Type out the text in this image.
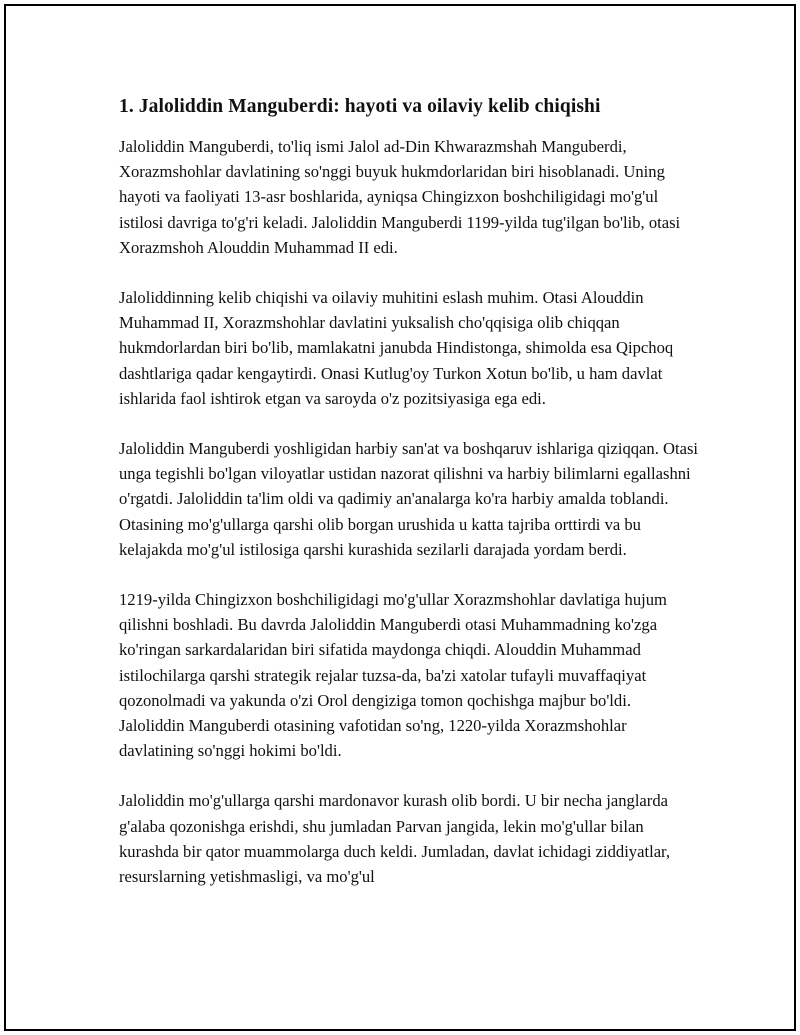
1. Jaloliddin Manguberdi: hayoti va oilaviy kelib chiqishi

Jaloliddin Manguberdi, to'liq ismi Jalol ad-Din Khwarazmshah Manguberdi, Xorazmshohlar davlatining so'nggi buyuk hukmdorlaridan biri hisoblanadi. Uning hayoti va faoliyati 13-asr boshlarida, ayniqsa Chingizxon boshchiligidagi mo'g'ul istilosi davriga to'g'ri keladi. Jaloliddin Manguberdi 1199-yilda tug'ilgan bo'lib, otasi Xorazmshoh Alouddin Muhammad II edi.

Jaloliddinning kelib chiqishi va oilaviy muhitini eslash muhim. Otasi Alouddin Muhammad II, Xorazmshohlar davlatini yuksalish cho'qqisiga olib chiqqan hukmdorlardan biri bo'lib, mamlakatni janubda Hindistonga, shimolda esa Qipchoq dashtlariga qadar kengaytirdi. Onasi Kutlug'oy Turkon Xotun bo'lib, u ham davlat ishlarida faol ishtirok etgan va saroyda o'z pozitsiyasiga ega edi.

Jaloliddin Manguberdi yoshligidan harbiy san'at va boshqaruv ishlariga qiziqqan. Otasi unga tegishli bo'lgan viloyatlar ustidan nazorat qilishni va harbiy bilimlarni egallashni o'rgatdi. Jaloliddin ta'lim oldi va qadimiy an'analarga ko'ra harbiy amalda toblandi. Otasining mo'g'ullarga qarshi olib borgan urushida u katta tajriba orttirdi va bu kelajakda mo'g'ul istilosiga qarshi kurashida sezilarli darajada yordam berdi.

1219-yilda Chingizxon boshchiligidagi mo'g'ullar Xorazmshohlar davlatiga hujum qilishni boshladi. Bu davrda Jaloliddin Manguberdi otasi Muhammadning ko'zga ko'ringan sarkardalaridan biri sifatida maydonga chiqdi. Alouddin Muhammad istilochilarga qarshi strategik rejalar tuzsa-da, ba'zi xatolar tufayli muvaffaqiyat qozonolmadi va yakunda o'zi Orol dengiziga tomon qochishga majbur bo'ldi. Jaloliddin Manguberdi otasining vafotidan so'ng, 1220-yilda Xorazmshohlar davlatining so'nggi hokimi bo'ldi.

Jaloliddin mo'g'ullarga qarshi mardonavor kurash olib bordi. U bir necha janglarda g'alaba qozonishga erishdi, shu jumladan Parvan jangida, lekin mo'g'ullar bilan kurashda bir qator muammolarga duch keldi. Jumladan, davlat ichidagi ziddiyatlar, resurslarning yetishmasligi, va mo'g'ul
